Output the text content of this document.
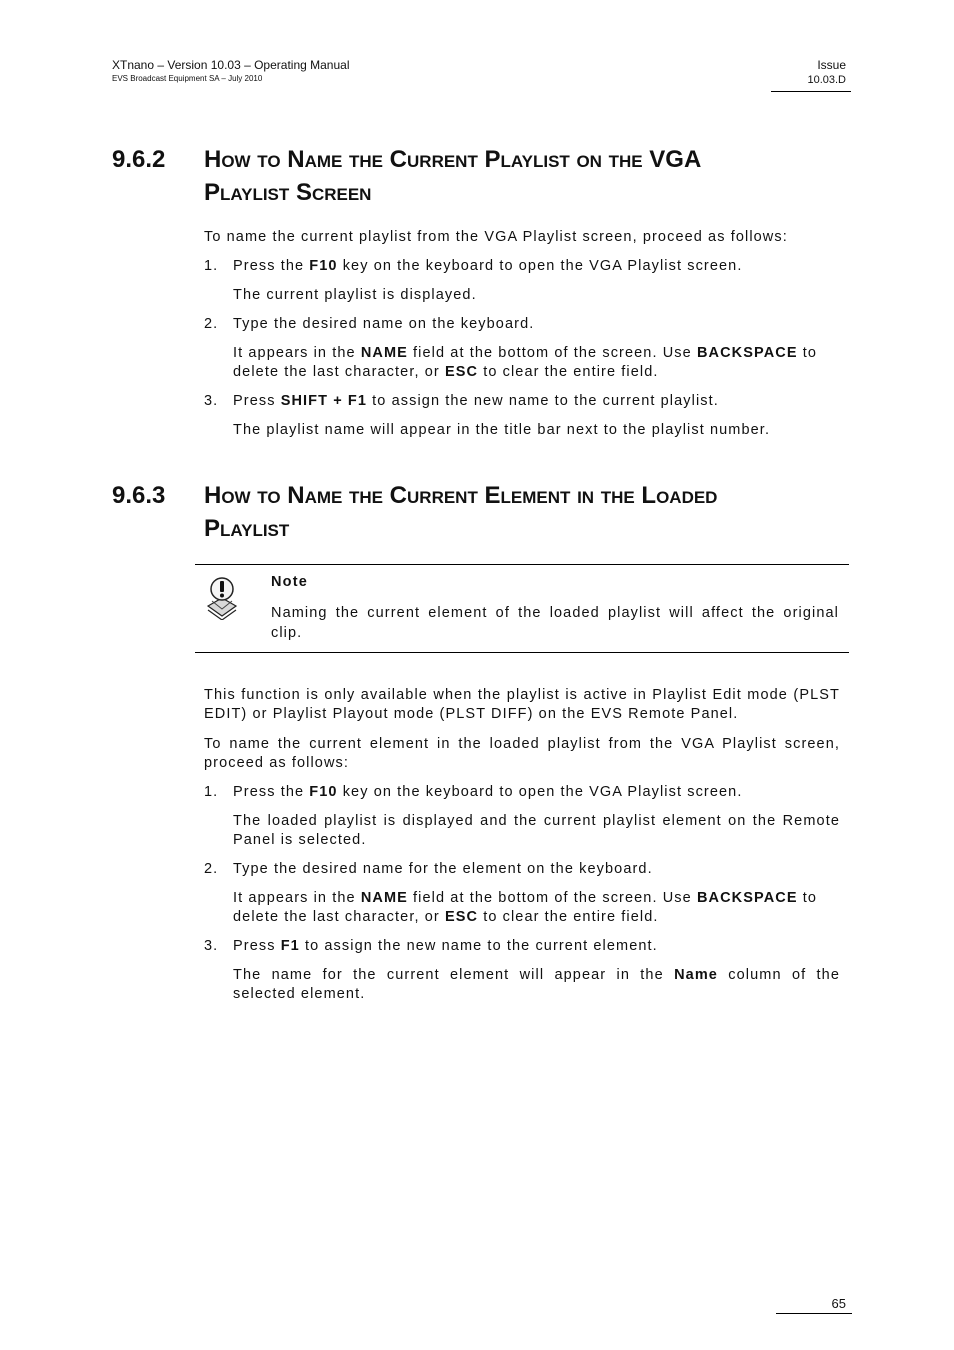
XTnano – Version 10.03 – Operating Manual
EVS Broadcast Equipment SA – July 2010
Issue
10.03.D
9.6.2	How to Name the Current Playlist on the VGA
Playlist Screen

To name the current playlist from the VGA Playlist screen, proceed as follows:

1.	Press the F10 key on the keyboard to open the VGA Playlist screen.

The current playlist is displayed.

2.	Type the desired name on the keyboard.
It appears in the NAME field at the bottom of the screen. Use BACKSPACE to
delete the last character, or ESC to clear the entire field.
3.	Press SHIFT + F1 to assign the new name to the current playlist.

The playlist name will appear in the title bar next to the playlist number.

9.6.3	How to Name the Current Element in the Loaded
Playlist
Note
Naming the current element of the loaded playlist will affect the original clip.

This function is only available when the playlist is active in Playlist Edit mode (PLST EDIT) or Playlist Playout mode (PLST DIFF) on the EVS Remote Panel.

To name the current element in the loaded playlist from the VGA Playlist screen, proceed as follows:

1.	Press the F10 key on the keyboard to open the VGA Playlist screen.

The loaded playlist is displayed and the current playlist element on the Remote Panel is selected.

2.	Type the desired name for the element on the keyboard.
It appears in the NAME field at the bottom of the screen. Use BACKSPACE to
delete the last character, or ESC to clear the entire field.
3.	Press F1 to assign the new name to the current element.
The name for the current element will appear in the Name column of the selected element.
65
